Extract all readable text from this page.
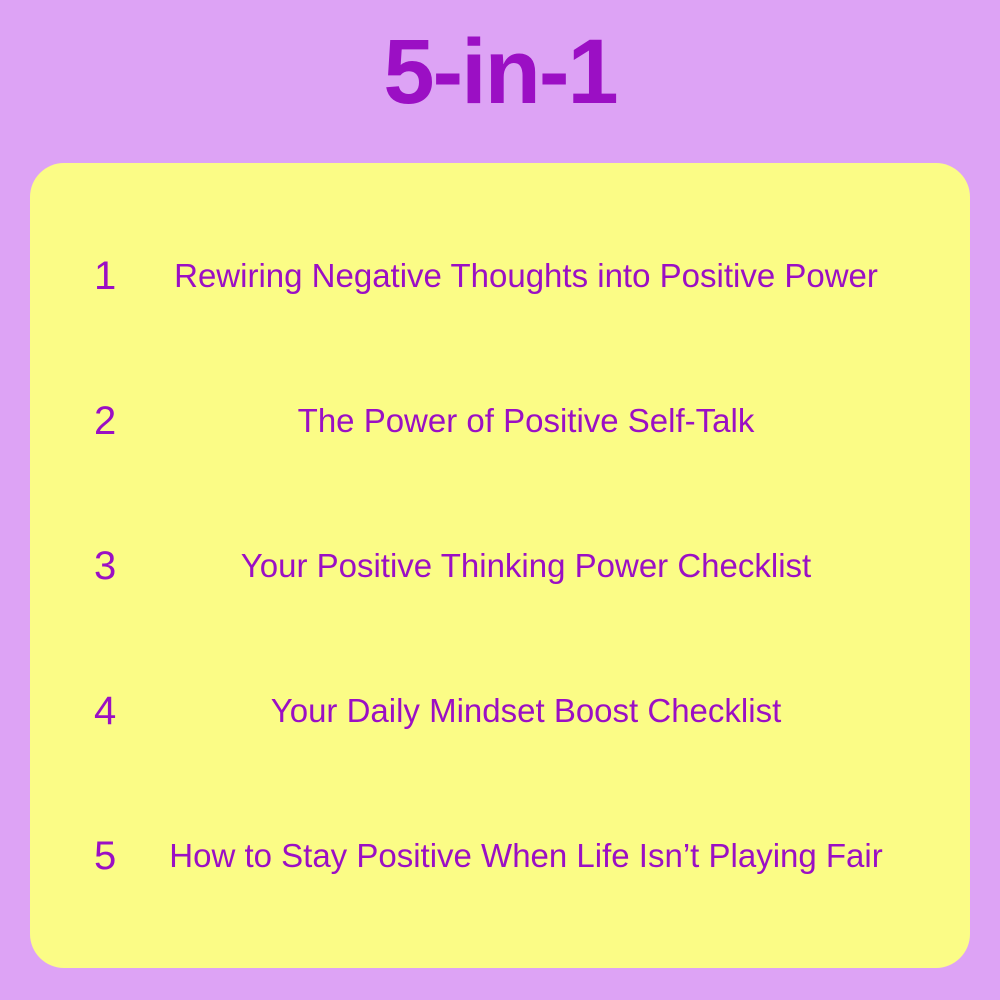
5-in-1
1	Rewiring Negative Thoughts into Positive Power
2	The Power of Positive Self-Talk
3	Your Positive Thinking Power Checklist
4	Your Daily Mindset Boost Checklist
5	How to Stay Positive When Life Isn’t Playing Fair
